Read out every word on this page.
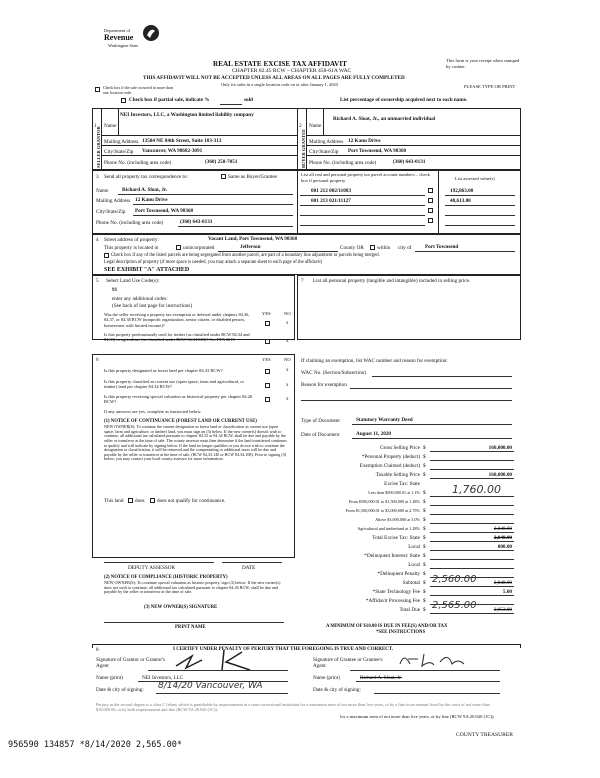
Department of
Revenue
Washington State
REAL ESTATE EXCISE TAX AFFIDAVIT
CHAPTER 82.45 RCW – CHAPTER 458-61A WAC
THIS AFFIDAVIT WILL NOT BE ACCEPTED UNLESS ALL AREAS ON ALL PAGES ARE FULLY COMPLETED
Only for sales in a single location code on or after January 1, 2020
This form is your receipt when stamped by cashier.
PLEASE TYPE OR PRINT
Check box if the sale occurred in more than one location code.
Check box if partial sale, indicate %	sold	List percentage of ownership acquired next to each name.
1	2
SELLER GRANTOR	BUYER GRANTEE
Name
NEI Investors, LLC, a Washington limited liability company
Mailing Address 13504 NE 84th Street, Suite 103-313
City/State/Zip Vancouver, WA 98682-3091
Phone No. (including area code)	(360) 258-7051
Name
Richard A. Sloat, Jr., an unmarried individual
Mailing Address 12 Kanu Drive
City/State/Zip Port Townsend, WA 98368
Phone No. (including area code)	(360) 643-0131
3 Send all property tax correspondence to:	Same as Buyer/Grantee
Name	Richard A. Sloat, Jr.
Mailing Address 12 Kanu Drive
City/State/Zip Port Townsend, WA 98368
Phone No. (including area code)	(360) 643-0131
List all real and personal property tax parcel account numbers – check box if personal property	List assessed value(s)
001 212 002/11083	192,863.00
001 213 021/11127	48,613.00
4 Street address of property:	Vacant Land, Port Townsend, WA 98368
This property is located in	unincorporated	Jefferson	County OR	within city of	Port Townsend
Check box if any of the listed parcels are being segregated from another parcel, are part of a boundary line adjustment or parcels being merged.
Legal description of property (if more space is needed, you may attach a separate sheet to each page of the affidavit)
SEE EXHIBIT "A" ATTACHED
5 Select Land Use Code(s):
91
enter any additional codes:
(See back of last page for instructions)
YES	NO
Was the seller receiving a property tax exemption or deferral under chapters 84.36, 84.37, or 84.38 RCW (nonprofit organization, senior citizen, or disabled person, homeowner with limited income)?	x
Is this property predominantly used for timber (as classified under RCW 84.34 and 84.33) or agriculture (as classified under RCW 84.34.020)? See ETA 3215	x
7 List all personal property (tangible and intangible) included in selling price.
6	YES	NO
Is this property designated as forest land per chapter 84.33 RCW?	x
Is this property classified as current use (open space, farm and agricultural, or timber) land per chapter 84.34 RCW?	x
Is this property receiving special valuation as historical property per chapter 84.26 RCW?	x
If any answers are yes, complete as instructed below.
(1) NOTICE OF CONTINUANCE (FOREST LAND OR CURRENT USE)
NEW OWNER(S): To continue the current designation as forest land or classification as current use (open space, farm and agriculture, or timber) land, you must sign on (3) below. If the new owner(s) doesn't wish to continue, all additional tax calculated pursuant to chapter 84.33 or 84.34 RCW, shall be due and payable by the seller or transferor at the time of sale. The county assessor must then determine if the land transferred continues to qualify and will indicate by signing below. If the land no longer qualifies or you do not wish to continue the designation or classification, it will be removed and the compensating or additional taxes will be due and payable by the seller or transferor at the time of sale. (RCW 84.33.140 or RCW 84.34.108). Prior to signing (3) below, you may contact your local county assessor for more information.
This land does does not qualify for continuance.
DEPUTY ASSESSOR	DATE
(2) NOTICE OF COMPLIANCE (HISTORIC PROPERTY)
NEW OWNER(S): To continue special valuation as historic property, sign (3) below. If the new owner(s) does not wish to continue, all additional tax calculated pursuant to chapter 84.26 RCW, shall be due and payable by the seller or transferor at the time of sale.
(3) NEW OWNER(S) SIGNATURE
PRINT NAME
If claiming an exemption, list WAC number and reason for exemption:
WAC No. (Section/Subsection)
Reason for exemption
Type of Document	Statutory Warranty Deed
Date of Document	August 11, 2020
Gross Selling Price $	160,000.00
*Personal Property (deduct) $
Exemption Claimed (deduct) $
Taxable Selling Price $	160,000.00
Excise Tax: State
Less than $500,000.01 at 1.1% $ 1,760.00
From $500,000.01 to $1,500,000 at 1.28% $
From $1,500,000.01 to $3,000,000 at 2.75% $
Above $3,000,000 at 3.0% $
Agricultural and timberland at 1.28% $	2,048.00
Total Excise Tax: State $	2,048.00
Local $	800.00
*Delinquent Interest: State $
Local $
*Delinquent Penalty $
Subtotal $ 2,560.00	2,848.00
*State Technology Fee $	5.00
*Affidavit Processing Fee $
Total Due $ 2,565.00	2,853.00
A MINIMUM OF $10.00 IS DUE IN FEE(S) AND/OR TAX
*SEE INSTRUCTIONS
8	I CERTIFY UNDER PENALTY OF PERJURY THAT THE FOREGOING IS TRUE AND CORRECT.
Signature of Grantor or Grantor's Agent
Name (print)	NEI Investors, LLC
Date & city of signing: 8/14/20 Vancouver, WA
Signature of Grantee or Grantee's Agent
Name (print)	Richard A. Sloat, Jr.
Date & city of signing:
Perjury in the second degree is a class C felony which is punishable by imprisonment in a state correctional institution for a maximum term of not more than five years, or by a fine in an amount fixed by the court of not more than $10,000.00, or by both imprisonment and fine (RCW 9A.20.020 (1C)).
for a maximum term of not more than five years, or by fine (RCW 9A.20.020 (1C)).
956590 134857 *8/14/2020 2,565.00*
COUNTY TREASURER
